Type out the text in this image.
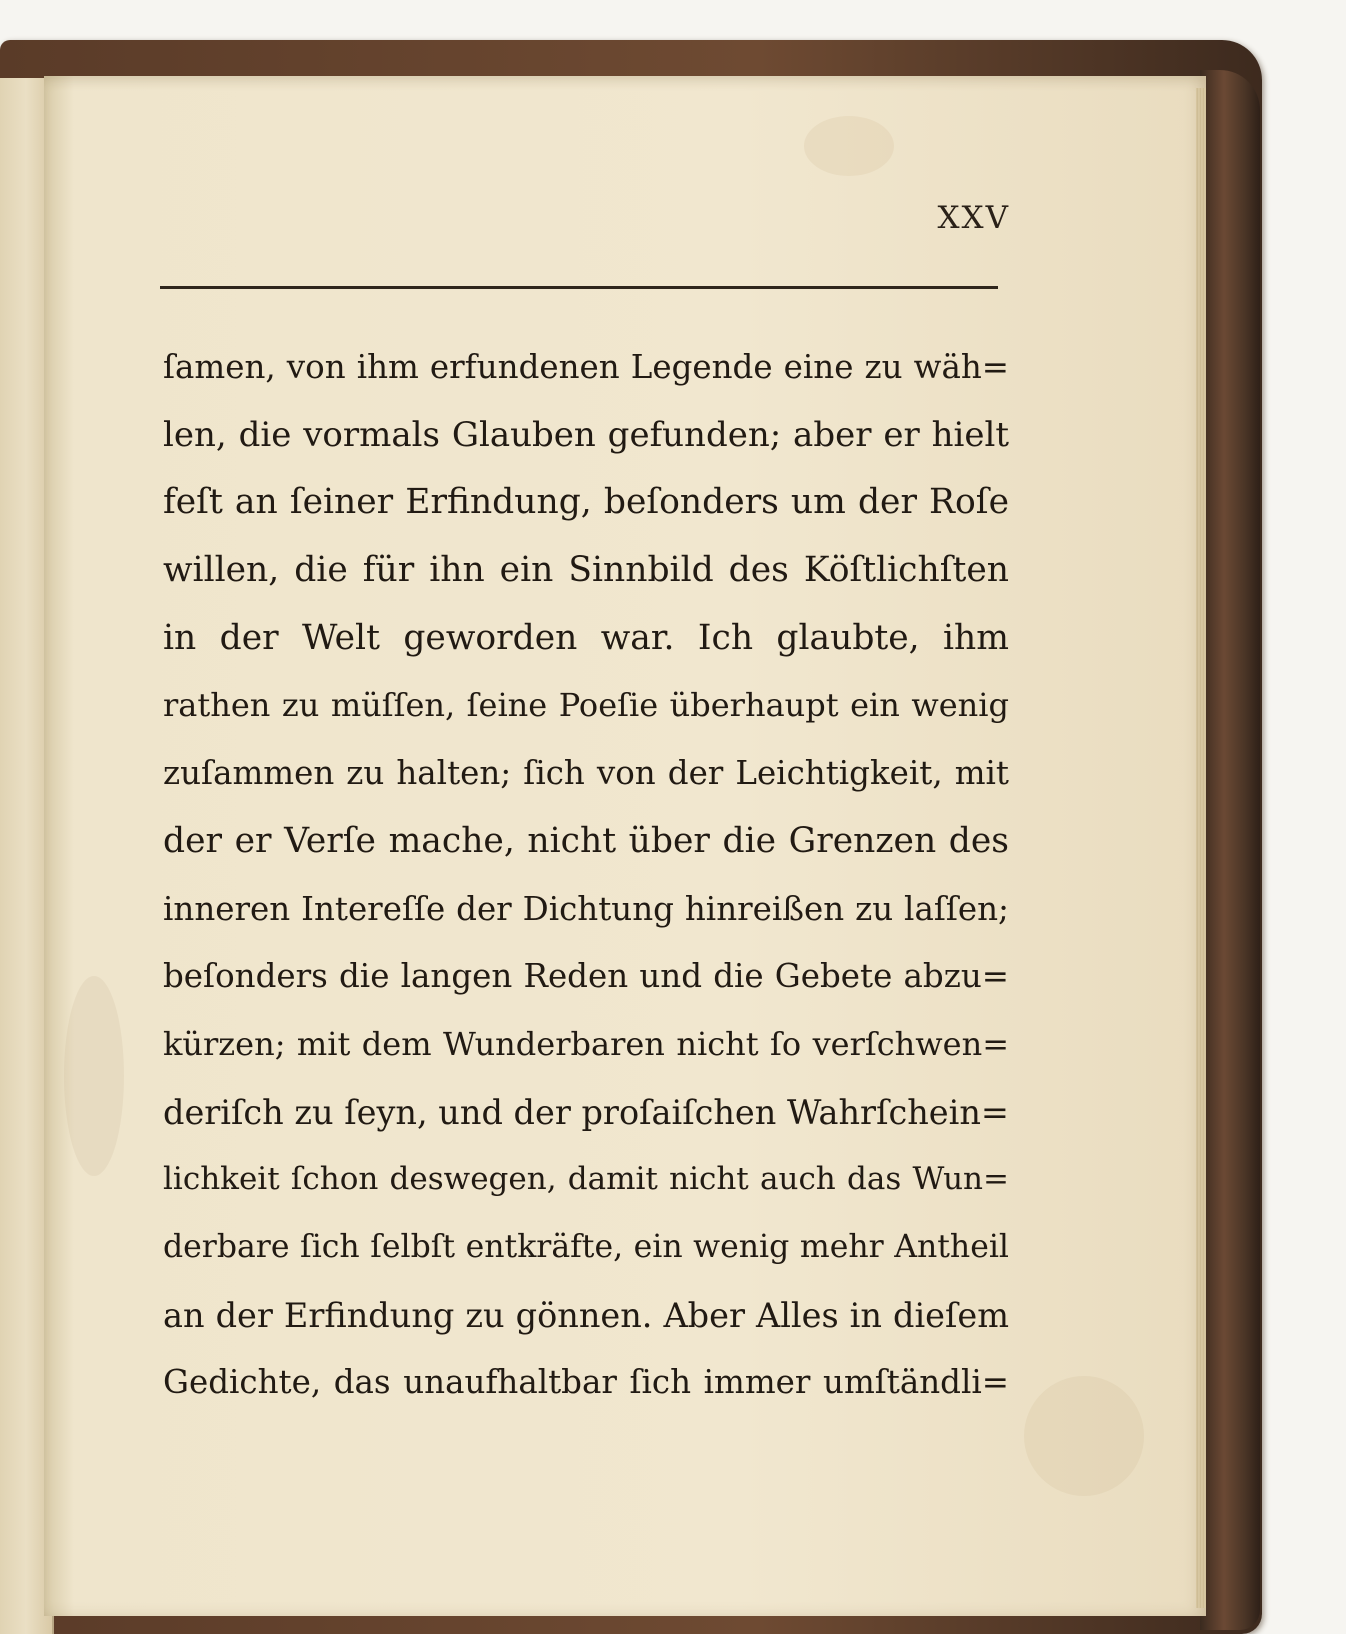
XXV
ſamen, von ihm erfundenen Legende eine zu wäh=
len, die vormals Glauben gefunden; aber er hielt
feſt an ſeiner Erfindung, beſonders um der Roſe
willen, die für ihn ein Sinnbild des Köſtlichſten
in der Welt geworden war. Ich glaubte, ihm
rathen zu müſſen, ſeine Poeſie überhaupt ein wenig
zuſammen zu halten; ſich von der Leichtigkeit, mit
der er Verſe mache, nicht über die Grenzen des
inneren Intereſſe der Dichtung hinreißen zu laſſen;
beſonders die langen Reden und die Gebete abzu=
kürzen; mit dem Wunderbaren nicht ſo verſchwen=
deriſch zu ſeyn, und der proſaiſchen Wahrſchein=
lichkeit ſchon deswegen, damit nicht auch das Wun=
derbare ſich ſelbſt entkräfte, ein wenig mehr Antheil
an der Erfindung zu gönnen. Aber Alles in dieſem
Gedichte, das unaufhaltbar ſich immer umſtändli=
